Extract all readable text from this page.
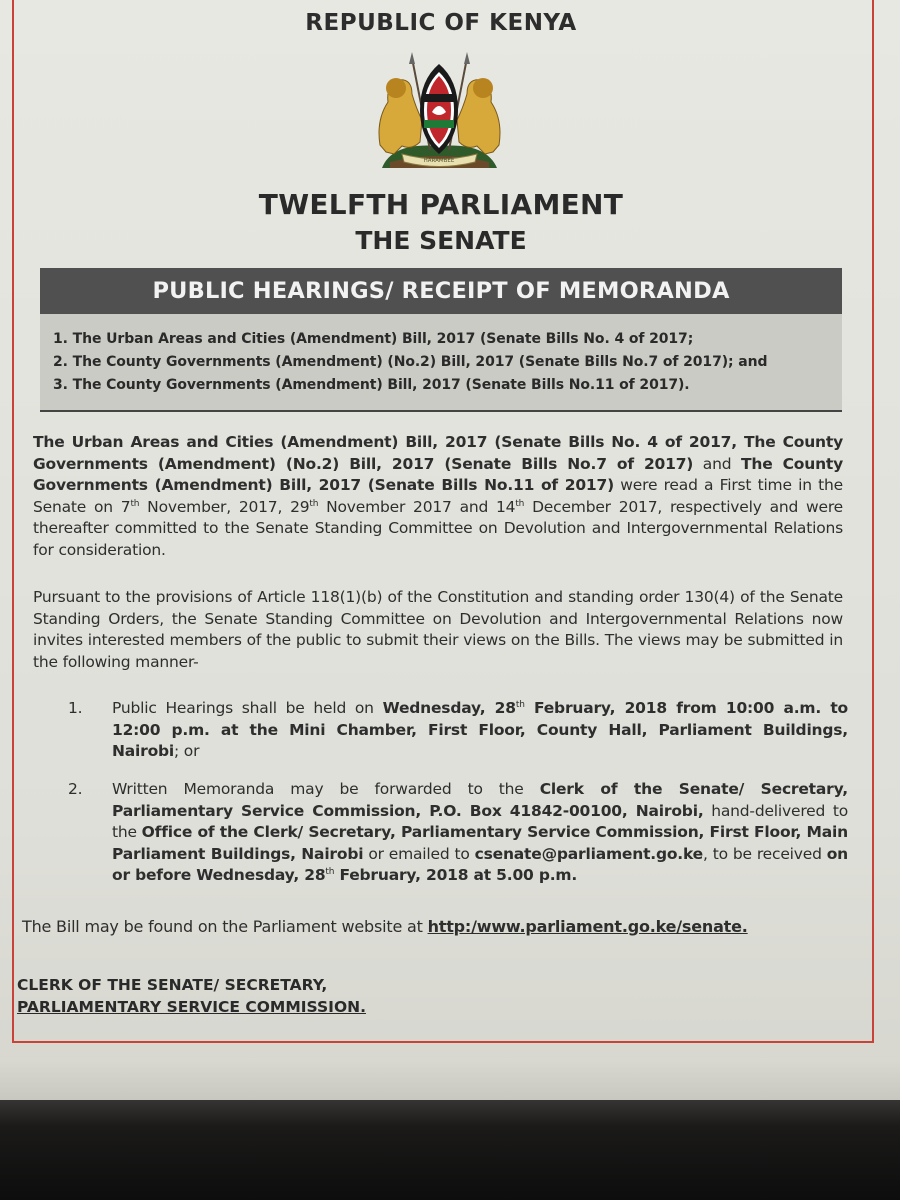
REPUBLIC OF KENYA
HARAMBEE
TWELFTH PARLIAMENT
THE SENATE
PUBLIC HEARINGS/ RECEIPT OF MEMORANDA
1. The Urban Areas and Cities (Amendment) Bill, 2017 (Senate Bills No. 4 of 2017;
2. The County Governments (Amendment) (No.2) Bill, 2017 (Senate Bills No.7 of 2017); and
3. The County Governments (Amendment) Bill, 2017 (Senate Bills No.11 of 2017).
The Urban Areas and Cities (Amendment) Bill, 2017 (Senate Bills No. 4 of 2017, The County Governments (Amendment) (No.2) Bill, 2017 (Senate Bills No.7 of 2017) and The County Governments (Amendment) Bill, 2017 (Senate Bills No.11 of 2017) were read a First time in the Senate on 7th November, 2017, 29th November 2017 and 14th December 2017, respectively and were thereafter committed to the Senate Standing Committee on Devolution and Intergovernmental Relations for consideration.
Pursuant to the provisions of Article 118(1)(b) of the Constitution and standing order 130(4) of the Senate Standing Orders, the Senate Standing Committee on Devolution and Intergovernmental Relations now invites interested members of the public to submit their views on the Bills. The views may be submitted in the following manner-
1.	Public Hearings shall be held on Wednesday, 28th February, 2018 from 10:00 a.m. to 12:00 p.m. at the Mini Chamber, First Floor, County Hall, Parliament Buildings, Nairobi; or
2.	Written Memoranda may be forwarded to the Clerk of the Senate/ Secretary, Parliamentary Service Commission, P.O. Box 41842-00100, Nairobi, hand-delivered to the Office of the Clerk/ Secretary, Parliamentary Service Commission, First Floor, Main Parliament Buildings, Nairobi or emailed to csenate@parliament.go.ke, to be received on or before Wednesday, 28th February, 2018 at 5.00 p.m.
The Bill may be found on the Parliament website at http:/www.parliament.go.ke/senate.
CLERK OF THE SENATE/ SECRETARY,
PARLIAMENTARY SERVICE COMMISSION.
